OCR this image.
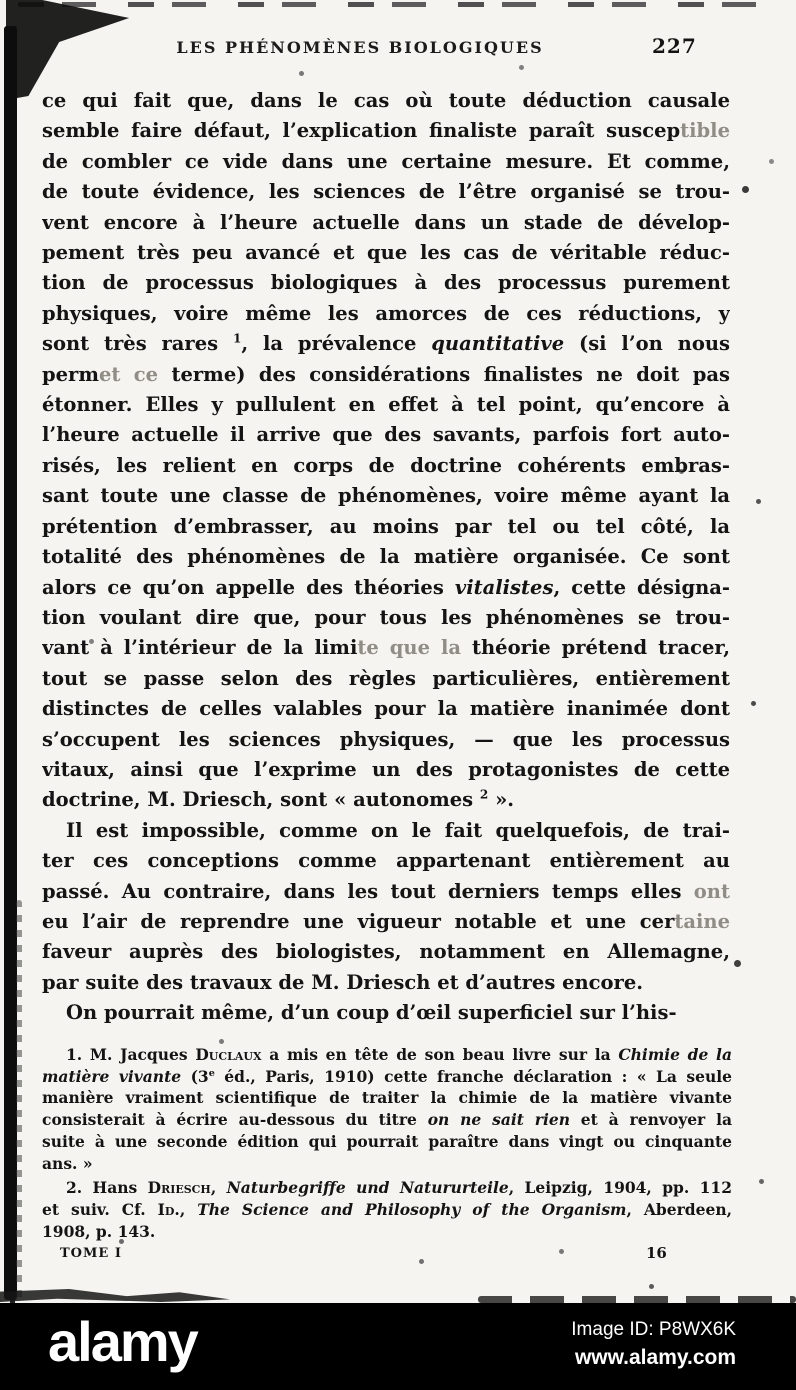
LES PHÉNOMÈNES BIOLOGIQUES	227
ce qui fait que, dans le cas où toute déduction causale
semble faire défaut, l’explication finaliste paraît susceptible
de combler ce vide dans une certaine mesure. Et comme,
de toute évidence, les sciences de l’être organisé se trou-
vent encore à l’heure actuelle dans un stade de dévelop-
pement très peu avancé et que les cas de véritable réduc-
tion de processus biologiques à des processus purement
physiques, voire même les amorces de ces réductions, y
sont très rares $^1$, la prévalence quantitative (si l’on nous
permet ce terme) des considérations finalistes ne doit pas
étonner. Elles y pullulent en effet à tel point, qu’encore à
l’heure actuelle il arrive que des savants, parfois fort auto-
risés, les relient en corps de doctrine cohérents embras-
sant toute une classe de phénomènes, voire même ayant la
prétention d’embrasser, au moins par tel ou tel côté, la
totalité des phénomènes de la matière organisée. Ce sont
alors ce qu’on appelle des théories vitalistes, cette désigna-
tion voulant dire que, pour tous les phénomènes se trou-
vant à l’intérieur de la limite que la théorie prétend tracer,
tout se passe selon des règles particulières, entièrement
distinctes de celles valables pour la matière inanimée dont
s’occupent les sciences physiques, — que les processus
vitaux, ainsi que l’exprime un des protagonistes de cette
doctrine, M. Driesch, sont « autonomes $^2$ ».
Il est impossible, comme on le fait quelquefois, de trai-
ter ces conceptions comme appartenant entièrement au
passé. Au contraire, dans les tout derniers temps elles ont
eu l’air de reprendre une vigueur notable et une certaine
faveur auprès des biologistes, notamment en Allemagne,
par suite des travaux de M. Driesch et d’autres encore.
On pourrait même, d’un coup d’œil superficiel sur l’his-
1. M. Jacques Duclaux a mis en tête de son beau livre sur la Chimie de la
matière vivante (3e éd., Paris, 1910) cette franche déclaration : « La seule
manière vraiment scientifique de traiter la chimie de la matière vivante
consisterait à écrire au-dessous du titre on ne sait rien et à renvoyer la
suite à une seconde édition qui pourrait paraître dans vingt ou cinquante
ans. »
2. Hans Driesch, Naturbegriffe und Natururteile, Leipzig, 1904, pp. 112
et suiv. Cf. Id., The Science and Philosophy of the Organism, Aberdeen,
1908, p. 143.
TOME I	16
alamy	Image ID: P8WX6K
www.alamy.com
